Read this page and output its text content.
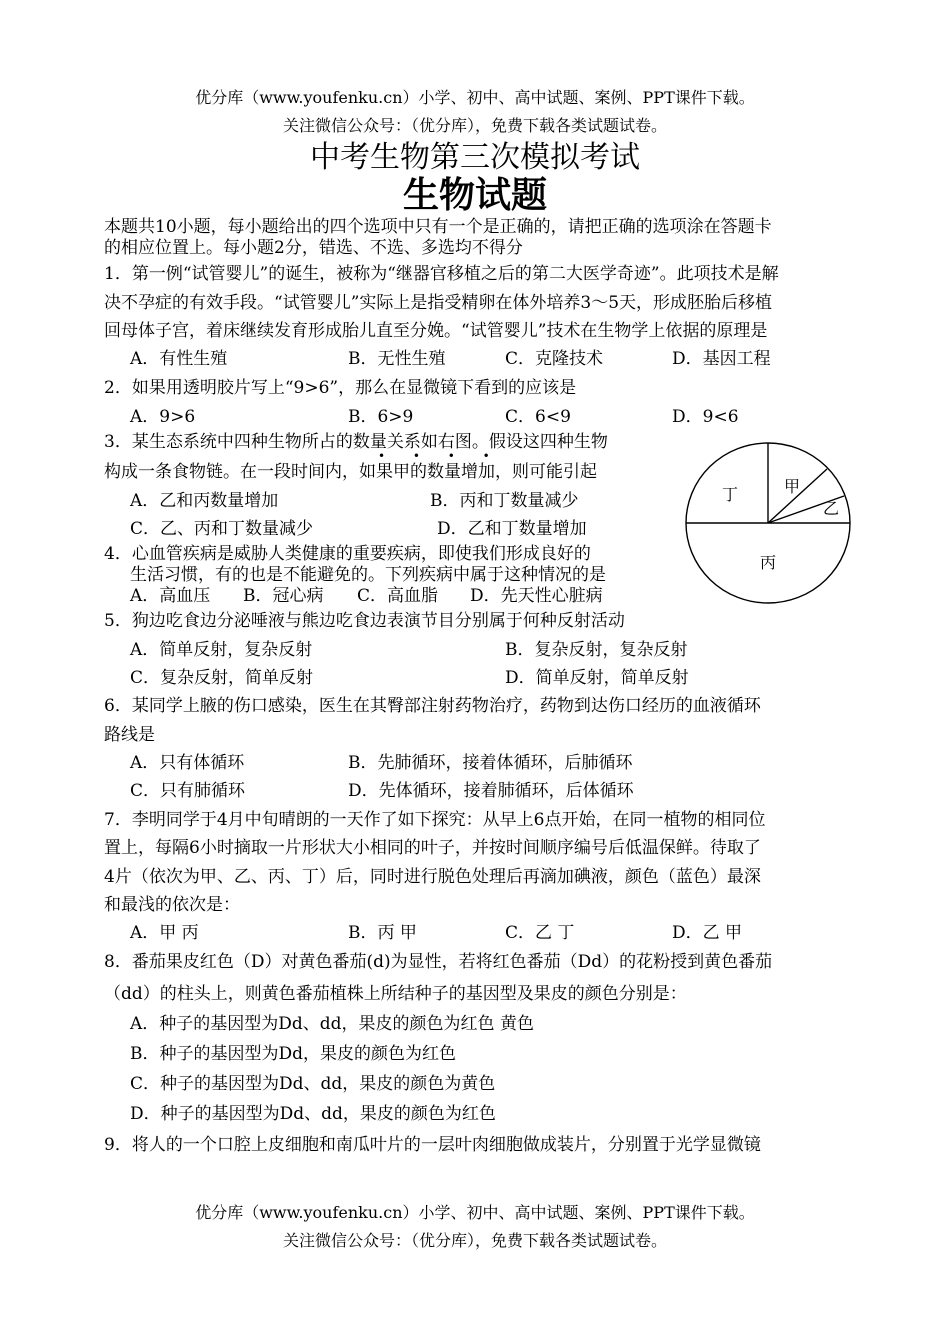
优分库（www.youfenku.cn）小学、初中、高中试题、案例、PPT课件下载。
关注微信公众号：（优分库），免费下载各类试题试卷。
中考生物第三次模拟考试
生物试题
本题共10小题，每小题给出的四个选项中只有一个是正确的，请把正确的选项涂在答题卡
的相应位置上。每小题2分，错选、不选、多选均不得分
1．第一例“试管婴儿”的诞生，被称为“继器官移植之后的第二大医学奇迹”。此项技术是解
决不孕症的有效手段。“试管婴儿”实际上是指受精卵在体外培养3～5天，形成胚胎后移植
回母体子宫，着床继续发育形成胎儿直至分娩。“试管婴儿”技术在生物学上依据的原理是
A．有性生殖	B．无性生殖	C．克隆技术	D．基因工程
2．如果用透明胶片写上“9>6”，那么在显微镜下看到的应该是
A．9>6	B．6>9	C．6<9	D．9<6
3．某生态系统中四种生物所占的数量关系如右图。假设这四种生物
• • • •
构成一条食物链。在一段时间内，如果甲的数量增加，则可能引起
A．乙和丙数量增加	B．丙和丁数量减少
C．乙、丙和丁数量减少	D．乙和丁数量增加
4．心血管疾病是威胁人类健康的重要疾病，即使我们形成良好的
生活习惯，有的也是不能避免的。下列疾病中属于这种情况的是
A．高血压 B．冠心病 C．高血脂 D．先天性心脏病
5．狗边吃食边分泌唾液与熊边吃食边表演节目分别属于何种反射活动
A．简单反射，复杂反射	B．复杂反射，复杂反射
C．复杂反射，简单反射	D．简单反射，简单反射
6．某同学上腋的伤口感染，医生在其臀部注射药物治疗，药物到达伤口经历的血液循环
路线是
A．只有体循环	B．先肺循环，接着体循环，后肺循环
C．只有肺循环	D．先体循环，接着肺循环，后体循环
7．李明同学于4月中旬晴朗的一天作了如下探究：从早上6点开始，在同一植物的相同位
置上，每隔6小时摘取一片形状大小相同的叶子，并按时间顺序编号后低温保鲜。待取了
4片（依次为甲、乙、丙、丁）后，同时进行脱色处理后再滴加碘液，颜色（蓝色）最深
和最浅的依次是：
A．甲 丙	B．丙 甲	C．乙 丁	D．乙 甲
8．番茄果皮红色（D）对黄色番茄(d)为显性，若将红色番茄（Dd）的花粉授到黄色番茄
（dd）的柱头上，则黄色番茄植株上所结种子的基因型及果皮的颜色分别是：
A．种子的基因型为Dd、dd，果皮的颜色为红色 黄色
B．种子的基因型为Dd，果皮的颜色为红色
C．种子的基因型为Dd、dd，果皮的颜色为黄色
D．种子的基因型为Dd、dd，果皮的颜色为红色
9．将人的一个口腔上皮细胞和南瓜叶片的一层叶肉细胞做成装片，分别置于光学显微镜
优分库（www.youfenku.cn）小学、初中、高中试题、案例、PPT课件下载。
关注微信公众号：（优分库），免费下载各类试题试卷。
丁	甲
乙
丙
